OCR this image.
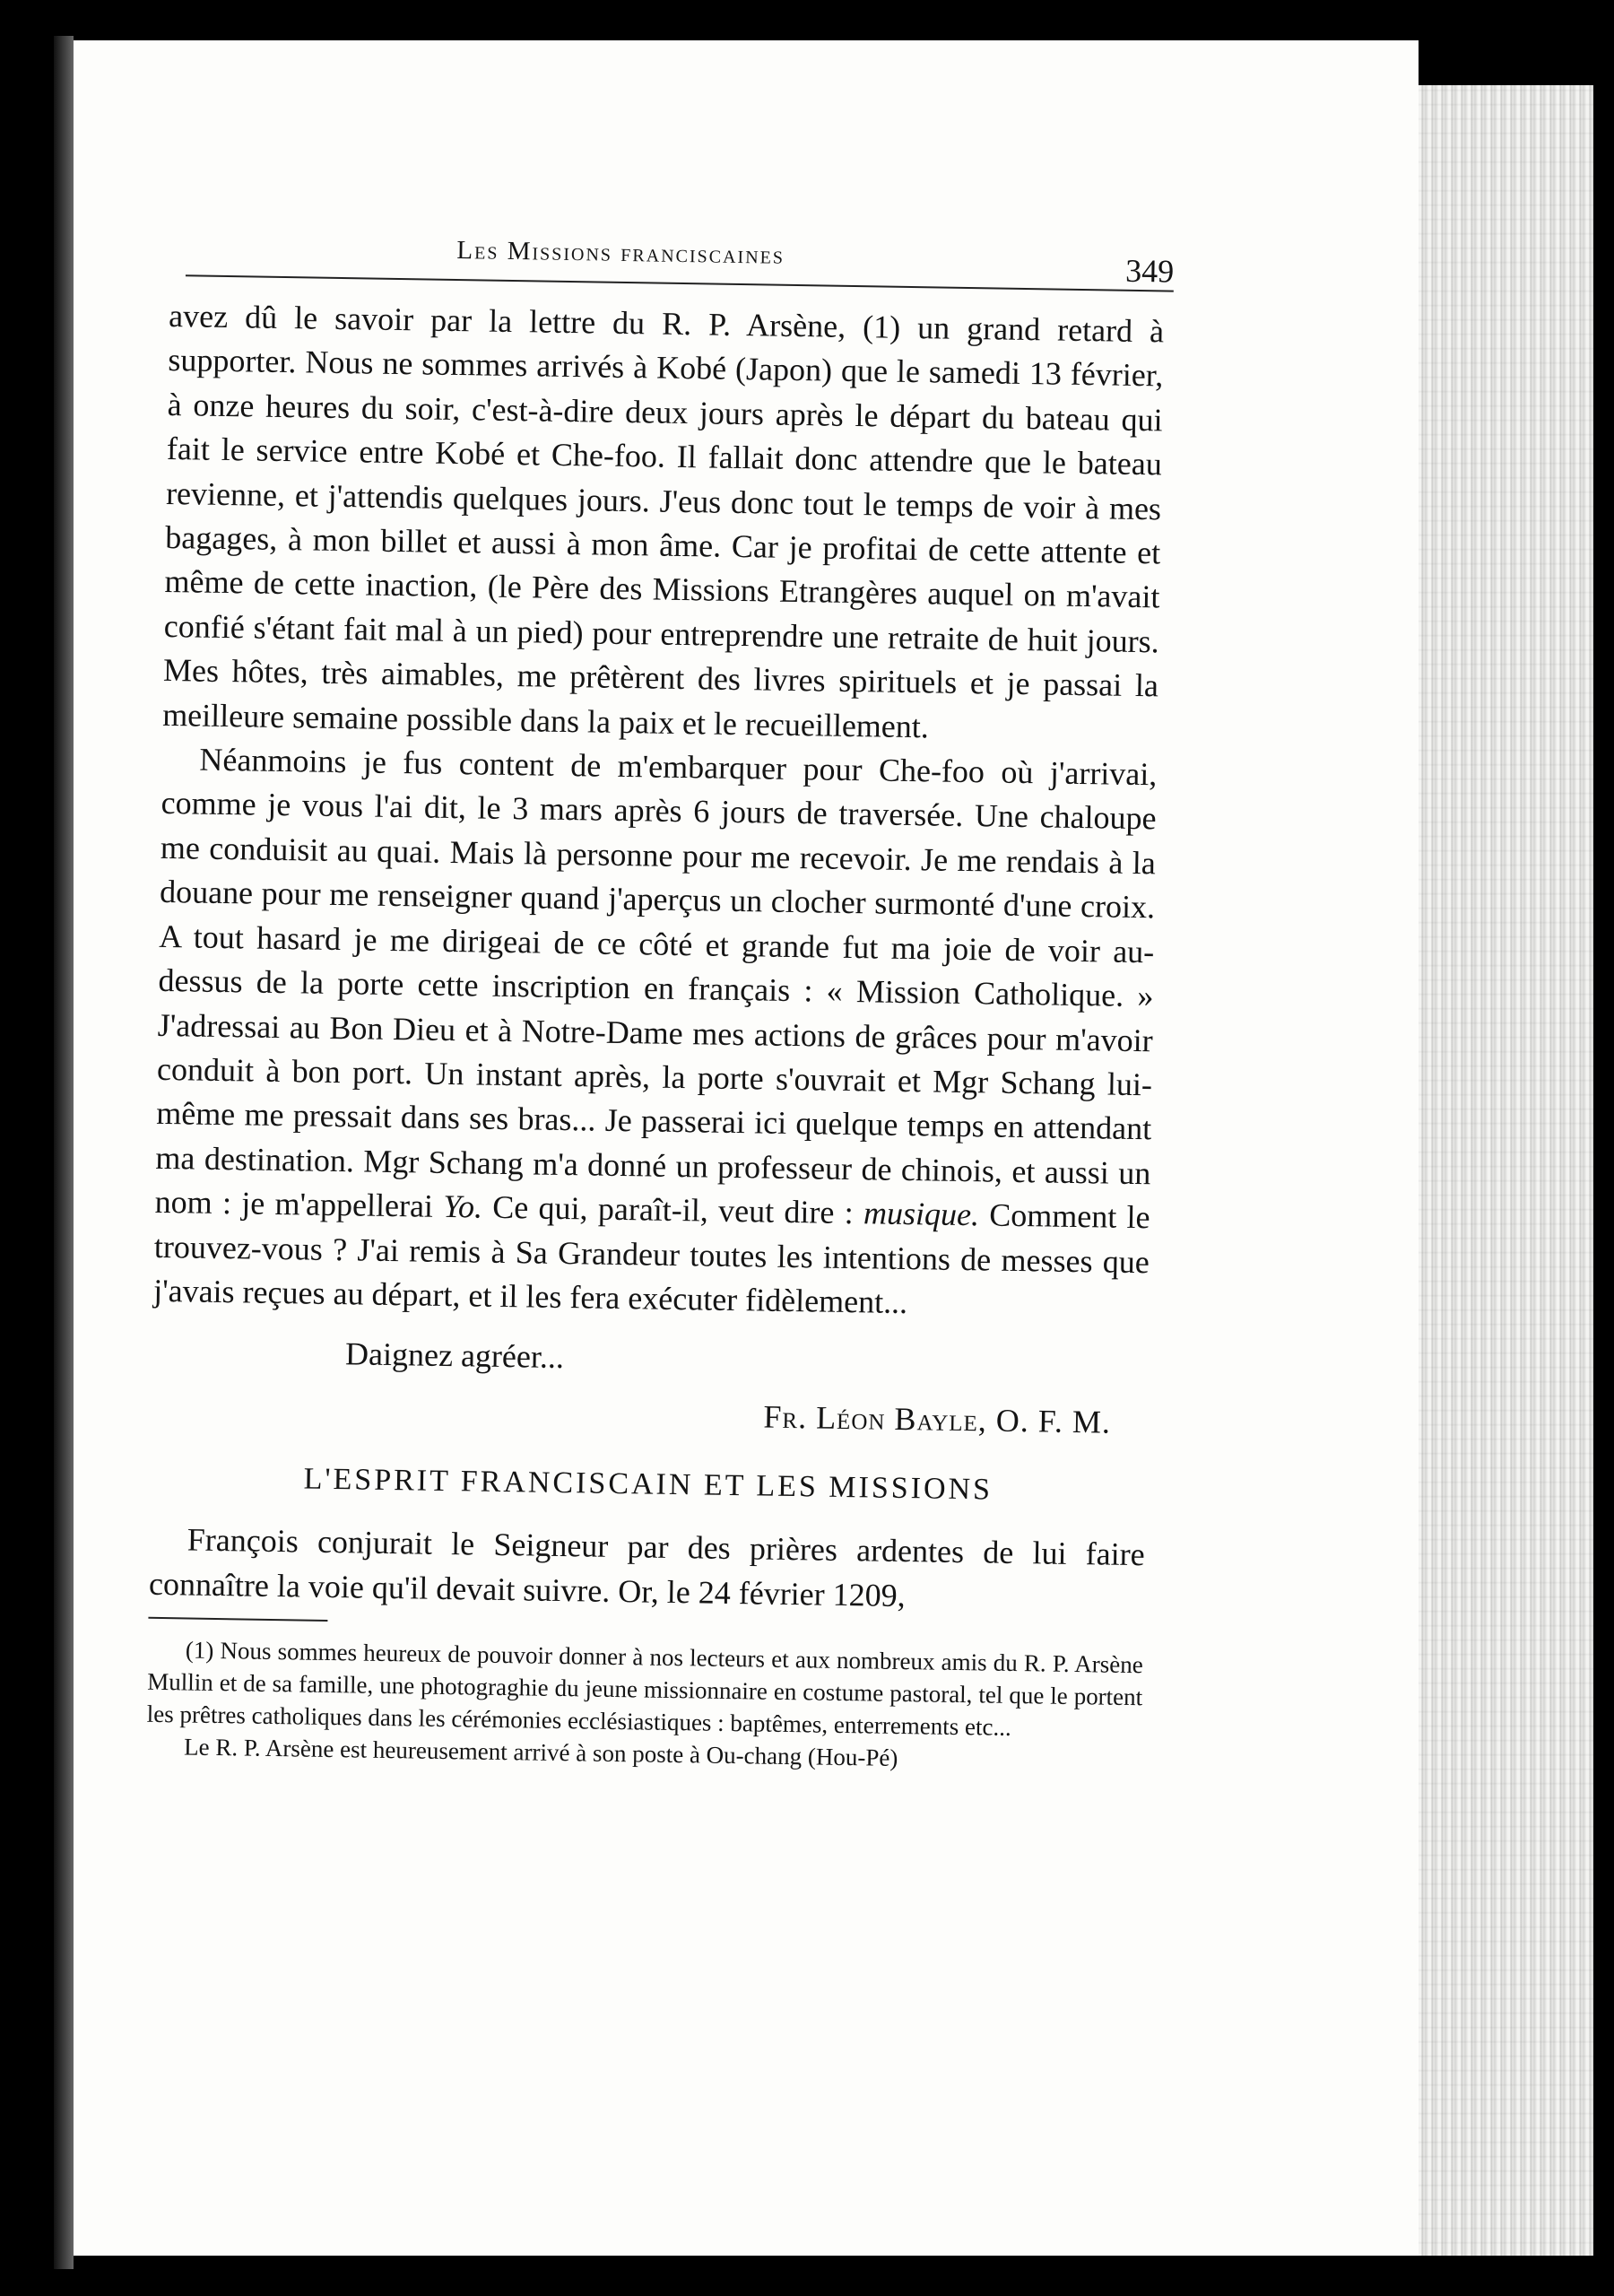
Les Missions franciscaines	349

avez dû le savoir par la lettre du R. P. Arsène, (1) un grand retard à supporter. Nous ne sommes arrivés à Kobé (Japon) que le samedi 13 février, à onze heures du soir, c'est-à-dire deux jours après le départ du bateau qui fait le service entre Kobé et Che-foo. Il fallait donc attendre que le bateau revienne, et j'attendis quelques jours. J'eus donc tout le temps de voir à mes bagages, à mon billet et aussi à mon âme. Car je profitai de cette attente et même de cette inaction, (le Père des Missions Etrangères auquel on m'avait confié s'étant fait mal à un pied) pour entreprendre une retraite de huit jours. Mes hôtes, très aimables, me prêtèrent des livres spirituels et je passai la meilleure semaine possible dans la paix et le recueillement.

Néanmoins je fus content de m'embarquer pour Che-foo où j'arrivai, comme je vous l'ai dit, le 3 mars après 6 jours de traversée. Une chaloupe me conduisit au quai. Mais là personne pour me recevoir. Je me rendais à la douane pour me renseigner quand j'aperçus un clocher surmonté d'une croix. A tout hasard je me dirigeai de ce côté et grande fut ma joie de voir au-dessus de la porte cette inscription en français : « Mission Catholique. » J'adressai au Bon Dieu et à Notre-Dame mes actions de grâces pour m'avoir conduit à bon port. Un instant après, la porte s'ouvrait et Mgr Schang lui-même me pressait dans ses bras... Je passerai ici quelque temps en attendant ma destination. Mgr Schang m'a donné un professeur de chinois, et aussi un nom : je m'appellerai Yo. Ce qui, paraît-il, veut dire : musique. Comment le trouvez-vous ? J'ai remis à Sa Grandeur toutes les intentions de messes que j'avais reçues au départ, et il les fera exécuter fidèlement...

Daignez agréer...
Fr. Léon Bayle, O. F. M.
L'ESPRIT FRANCISCAIN ET LES MISSIONS

François conjurait le Seigneur par des prières ardentes de lui faire connaître la voie qu'il devait suivre. Or, le 24 février 1209,

(1) Nous sommes heureux de pouvoir donner à nos lecteurs et aux nombreux amis du R. P. Arsène Mullin et de sa famille, une photograghie du jeune missionnaire en costume pastoral, tel que le portent les prêtres catholiques dans les cérémonies ecclésiastiques : baptêmes, enterrements etc...

Le R. P. Arsène est heureusement arrivé à son poste à Ou-chang (Hou-Pé)
